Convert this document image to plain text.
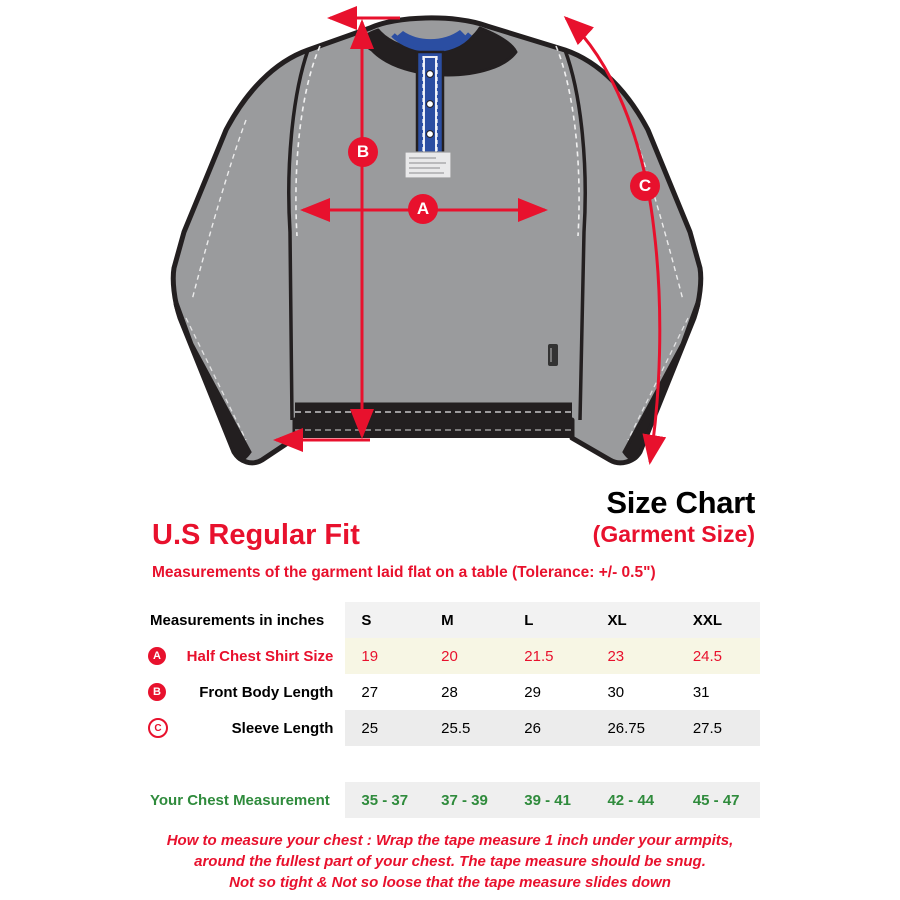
A
B
C
Size Chart
(Garment Size)
U.S Regular Fit
Measurements of the garment laid flat on a table (Tolerance: +/- 0.5")
Measurements in inches	S	M	L	XL	XXL

A Half Chest Shirt Size	19	20	21.5	23	24.5

B Front Body Length	27	28	29	30	31

C Sleeve Length	25	25.5	26	26.75	27.5

Your Chest Measurement	35 - 37	37 - 39	39 - 41	42 - 44	45 - 47
How to measure your chest : Wrap the tape measure 1 inch under your armpits,
around the fullest part of your chest. The tape measure should be snug.
Not so tight & Not so loose that the tape measure slides down
